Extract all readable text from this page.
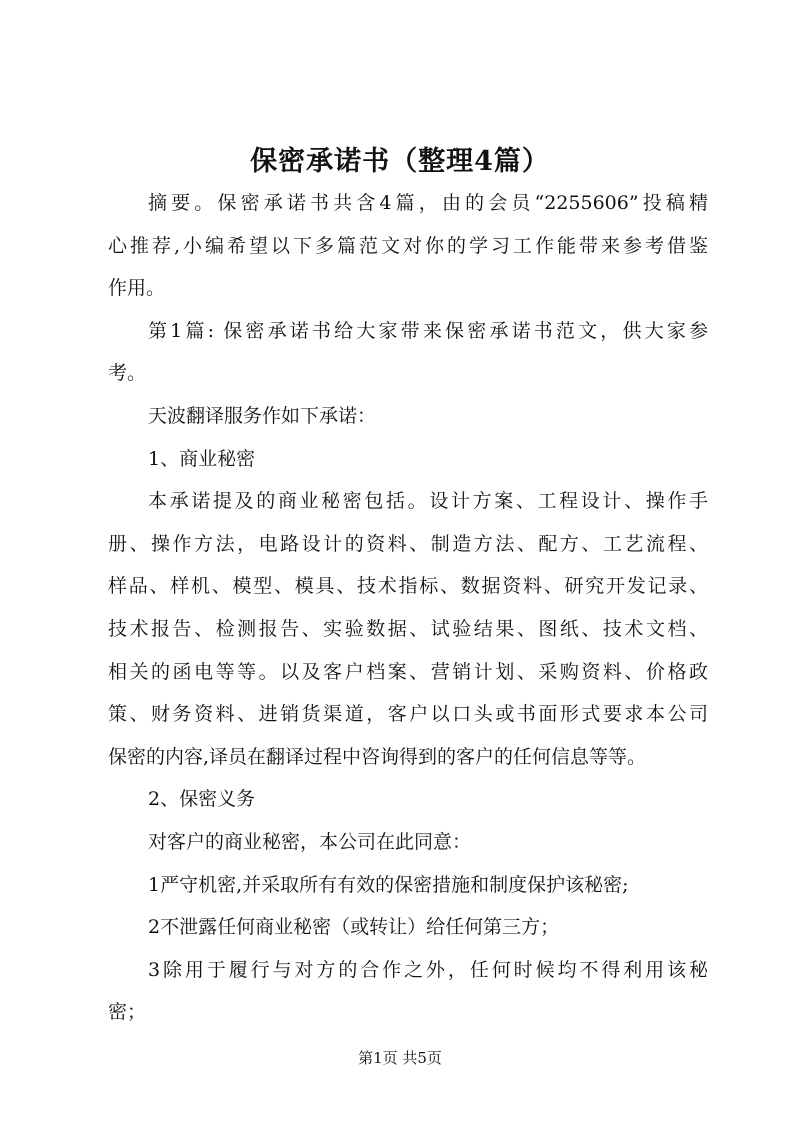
保密承诺书（整理4篇）

摘要。保密承诺书共含4篇，由的会员“2255606”投稿精
心推荐,小编希望以下多篇范文对你的学习工作能带来参考借鉴
作用。

第1篇: 保密承诺书给大家带来保密承诺书范文，供大家参
考。

天波翻译服务作如下承诺：

1、商业秘密

本承诺提及的商业秘密包括。设计方案、工程设计、操作手
册、操作方法，电路设计的资料、制造方法、配方、工艺流程、
样品、样机、模型、模具、技术指标、数据资料、研究开发记录、
技术报告、检测报告、实验数据、试验结果、图纸、技术文档、
相关的函电等等。以及客户档案、营销计划、采购资料、价格政
策、财务资料、进销货渠道，客户以口头或书面形式要求本公司
保密的内容,译员在翻译过程中咨询得到的客户的任何信息等等。

2、保密义务

对客户的商业秘密，本公司在此同意：

1严守机密,并采取所有有效的保密措施和制度保护该秘密;

2不泄露任何商业秘密（或转让）给任何第三方；

3除用于履行与对方的合作之外，任何时候均不得利用该秘
密；

第1页 共5页
